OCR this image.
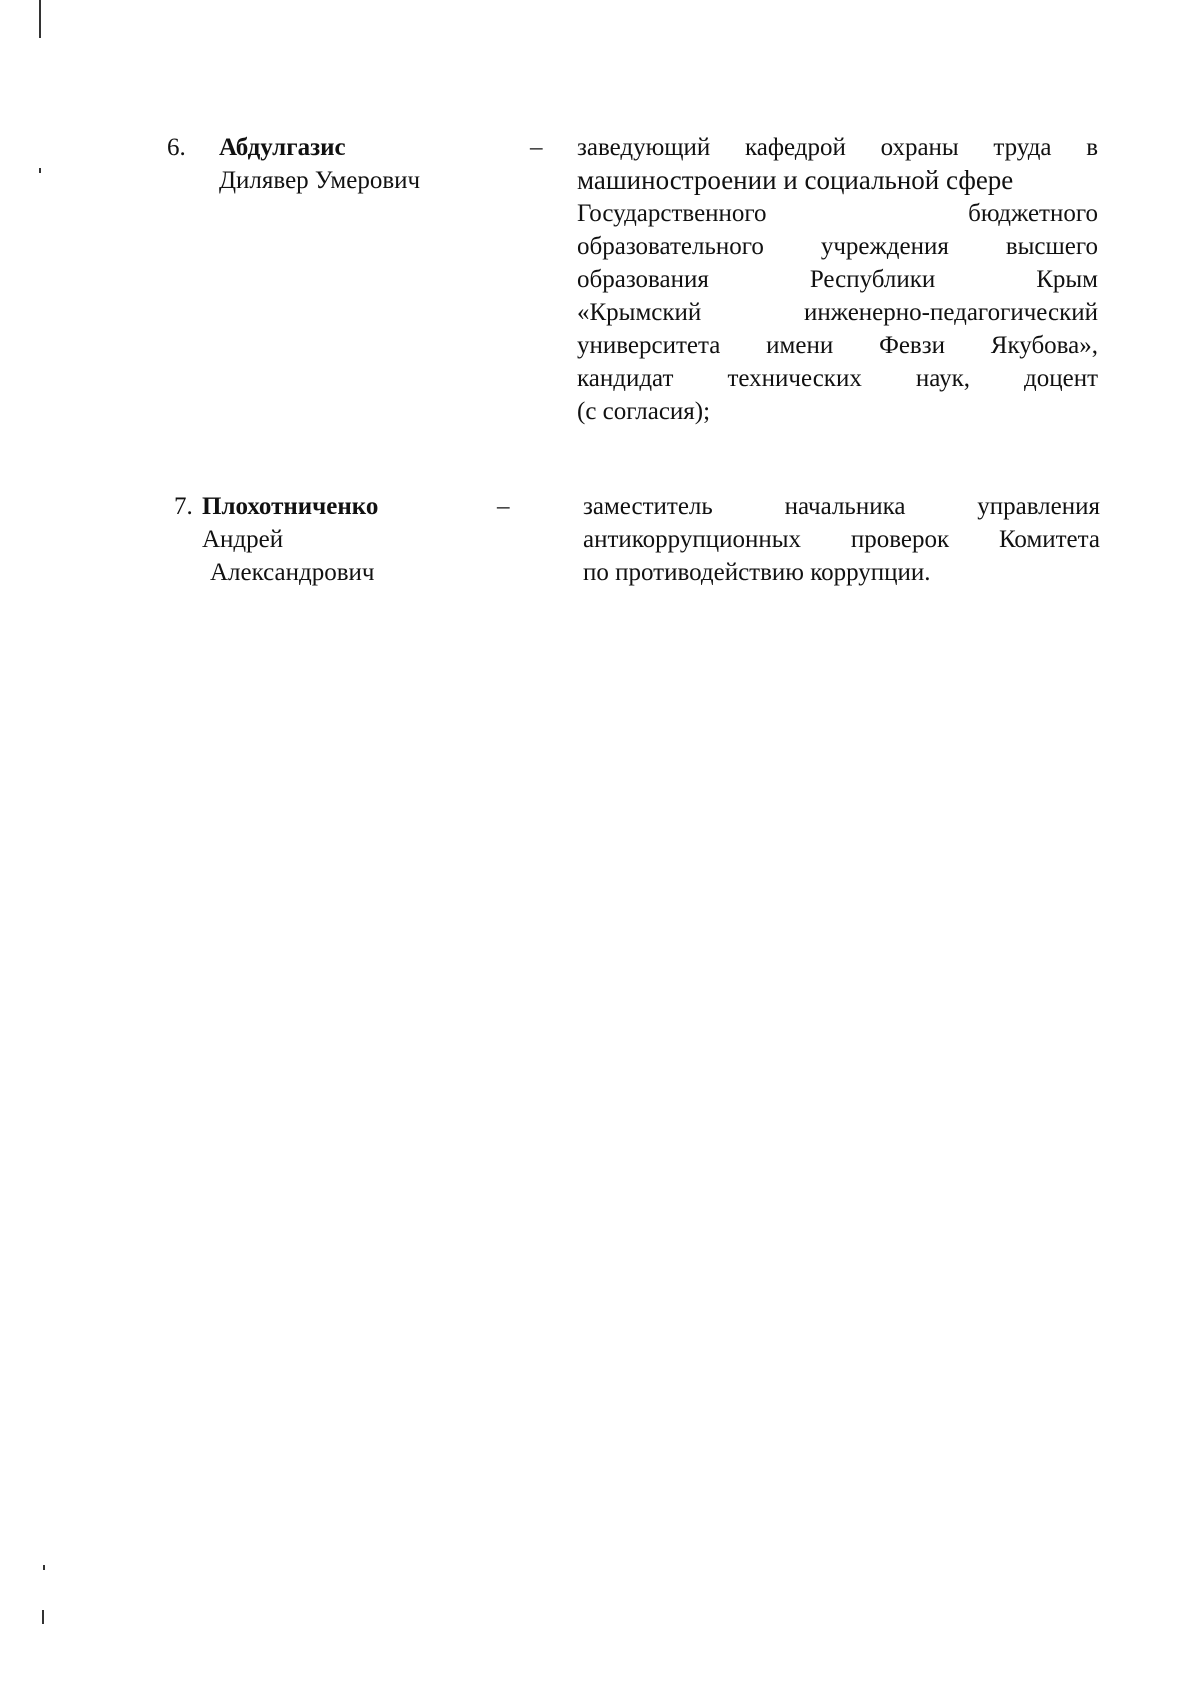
6. Абдулгазис
Дилявер Умерович
– заведующий кафедрой охраны труда в
машиностроении и социальной сфере
Государственного бюджетного
образовательного учреждения высшего
образования Республики Крым
«Крымский инженерно-педагогический
университета имени Февзи Якубова»,
кандидат технических наук, доцент
(с согласия);
7. Плохотниченко
Андрей
Александрович
–	заместитель начальника управления
антикоррупционных проверок Комитета
по противодействию коррупции.
